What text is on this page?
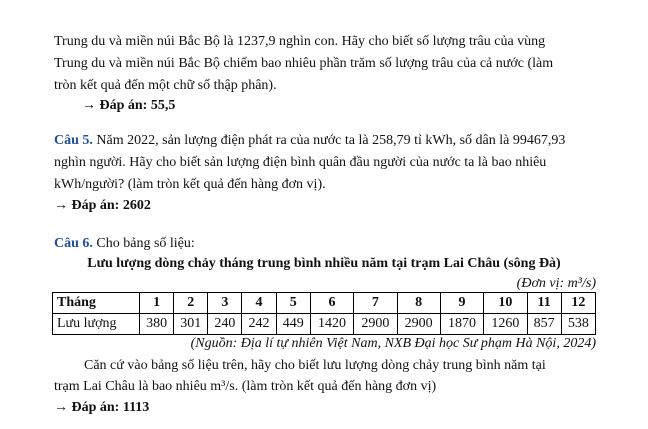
Trung du và miền núi Bắc Bộ là 1237,9 nghìn con. Hãy cho biết số lượng trâu của vùng
Trung du và miền núi Bắc Bộ chiếm bao nhiêu phần trăm số lượng trâu của cả nước (làm
tròn kết quả đến một chữ số thập phân).
→ Đáp án: 55,5
Câu 5. Năm 2022, sản lượng điện phát ra của nước ta là 258,79 tỉ kWh, số dân là 99467,93
nghìn người. Hãy cho biết sản lượng điện bình quân đầu người của nước ta là bao nhiêu
kWh/người? (làm tròn kết quả đến hàng đơn vị).
→ Đáp án: 2602
Câu 6. Cho bảng số liệu:
Lưu lượng dòng chảy tháng trung bình nhiều năm tại trạm Lai Châu (sông Đà)
(Đơn vị: m³/s)
Tháng	1	2	3	4	5	6	7	8	9	10	11	12
Lưu lượng	380	301	240	242	449	1420	2900	2900	1870	1260	857	538
(Nguồn: Địa lí tự nhiên Việt Nam, NXB Đại học Sư phạm Hà Nội, 2024)
Căn cứ vào bảng số liệu trên, hãy cho biết lưu lượng dòng chảy trung bình năm tại
trạm Lai Châu là bao nhiêu m³/s. (làm tròn kết quả đến hàng đơn vị)
→ Đáp án: 1113
